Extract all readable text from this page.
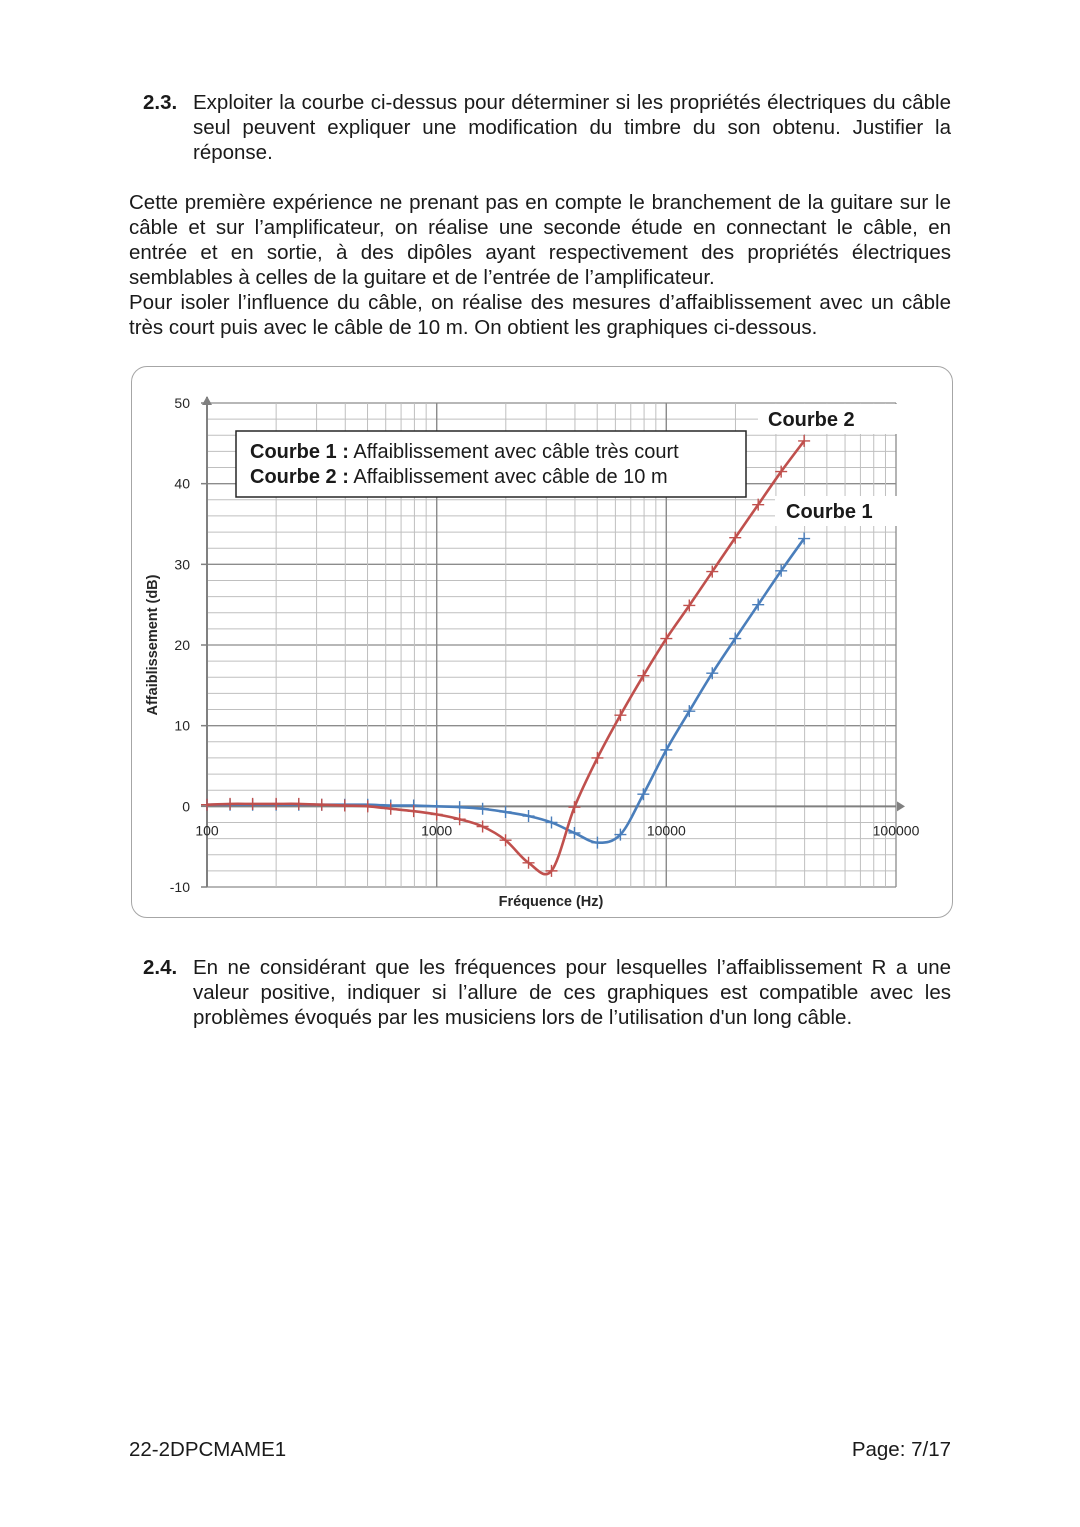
2.3. Exploiter la courbe ci-dessus pour déterminer si les propriétés électriques du câble seul peuvent expliquer une modification du timbre du son obtenu. Justifier la réponse.

Cette première expérience ne prenant pas en compte le branchement de la guitare sur le câble et sur l’amplificateur, on réalise une seconde étude en connectant le câble, en entrée et en sortie, à des dipôles ayant respectivement des propriétés électriques semblables à celles de la guitare et de l’entrée de l’amplificateur.

Pour isoler l’influence du câble, on réalise des mesures d’affaiblissement avec un câble très court puis avec le câble de 10 m. On obtient les graphiques ci-dessous.

50
40
30
20
10
0
-10
100	1000	10000	100000
Fréquence (Hz)
Affaiblissement (dB)
Courbe 1 : Affaiblissement avec câble très court
Courbe 2 : Affaiblissement avec câble de 10 m
Courbe 2
Courbe 1
2.4. En ne considérant que les fréquences pour lesquelles l’affaiblissement R a une valeur positive, indiquer si l’allure de ces graphiques est compatible avec les problèmes évoqués par les musiciens lors de l’utilisation d'un long câble.
22-2DPCMAME1	Page: 7/17
